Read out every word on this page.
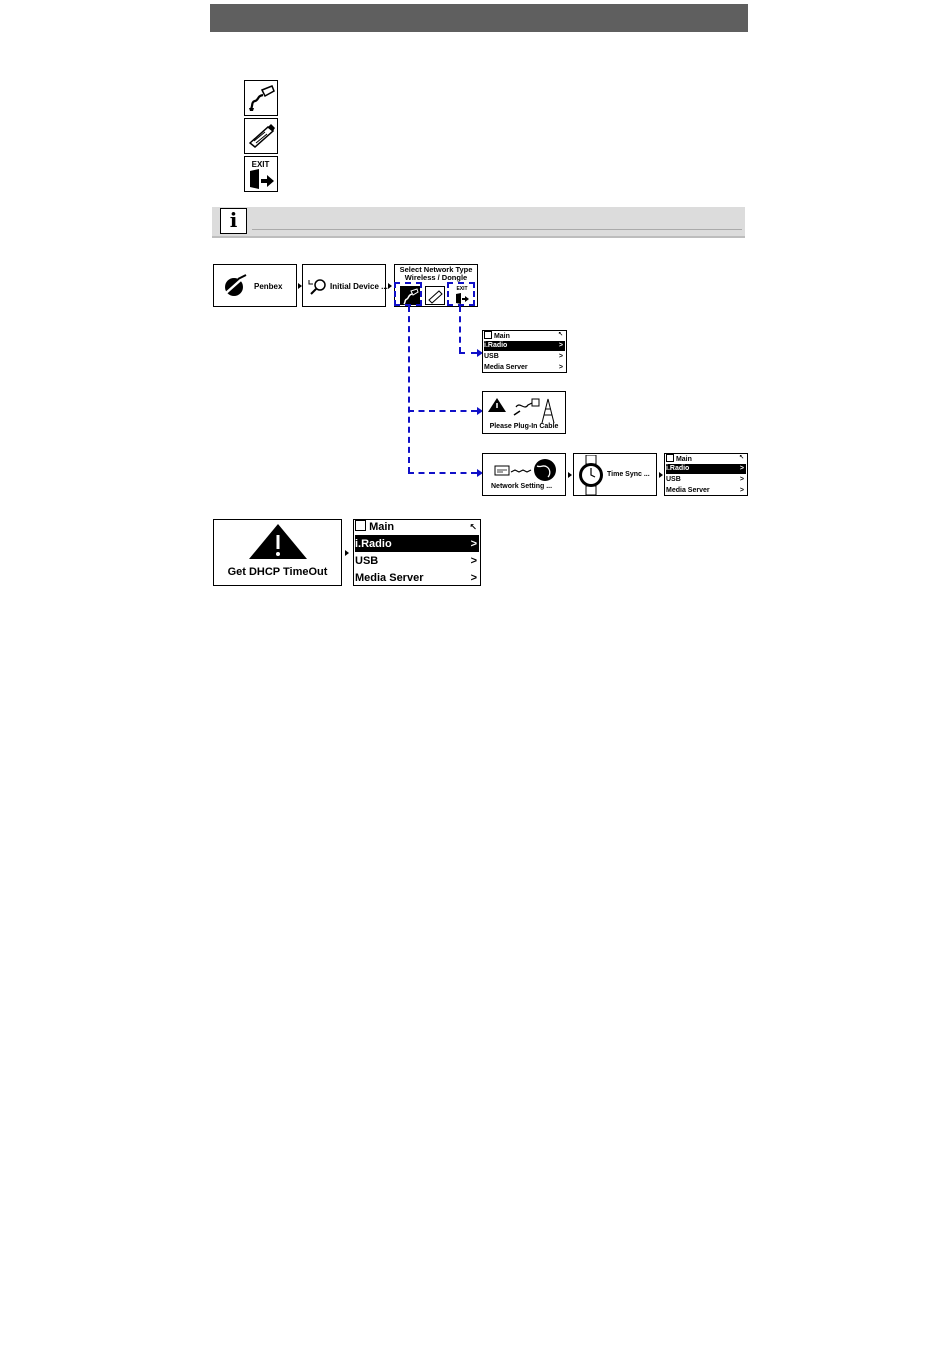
EXIT
i
Penbex	Initial Device ...
Select Network Type
Wireless / Dongle
EXIT
Main	↖
i.Radio	>
USB	>
Media Server	>
Please Plug-In Cable
Network Setting ...
Time Sync ...
Main	↖
i.Radio	>
USB	>
Media Server	>
Get DHCP TimeOut
Main	↖
i.Radio	>
USB	>
Media Server	>
